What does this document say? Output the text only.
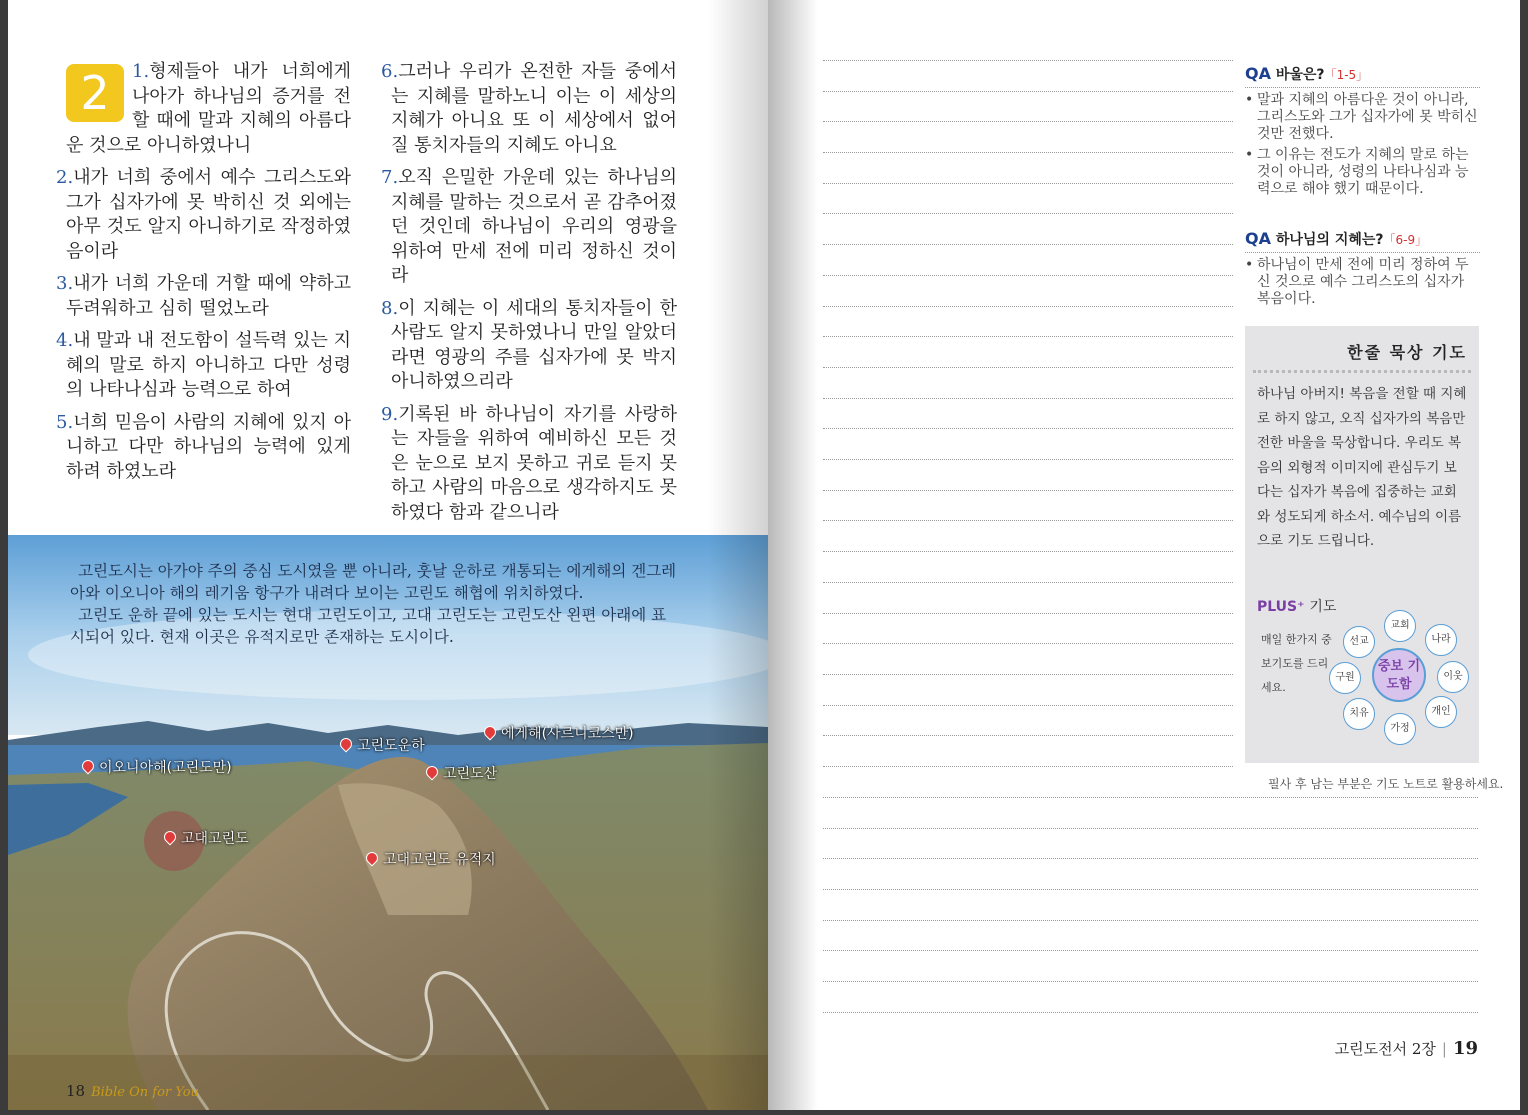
2	1.형제들아 내가 너희에게 나아가 하나님의 증거를 전할 때에 말과 지혜의 아름다운 것으로 아니하였나니

2.내가 너희 중에서 예수 그리스도와 그가 십자가에 못 박히신 것 외에는 아무 것도 알지 아니하기로 작정하였음이라

3.내가 너희 가운데 거할 때에 약하고 두려워하고 심히 떨었노라

4.내 말과 내 전도함이 설득력 있는 지혜의 말로 하지 아니하고 다만 성령의 나타나심과 능력으로 하여

5.너희 믿음이 사람의 지혜에 있지 아니하고 다만 하나님의 능력에 있게 하려 하였노라

6.그러나 우리가 온전한 자들 중에서는 지혜를 말하노니 이는 이 세상의 지혜가 아니요 또 이 세상에서 없어질 통치자들의 지혜도 아니요

7.오직 은밀한 가운데 있는 하나님의 지혜를 말하는 것으로서 곧 감추어졌던 것인데 하나님이 우리의 영광을 위하여 만세 전에 미리 정하신 것이라

8.이 지혜는 이 세대의 통치자들이 한 사람도 알지 못하였나니 만일 알았더라면 영광의 주를 십자가에 못 박지 아니하였으리라

9.기록된 바 하나님이 자기를 사랑하는 자들을 위하여 예비하신 모든 것은 눈으로 보지 못하고 귀로 듣지 못하고 사람의 마음으로 생각하지도 못하였다 함과 같으니라

고린도시는 아가야 주의 중심 도시였을 뿐 아니라, 훗날 운하로 개통되는 에게해의 겐그레아와 이오니아 해의 레기움 항구가 내려다 보이는 고린도 해협에 위치하였다.

고린도 운하 끝에 있는 도시는 현대 고린도이고, 고대 고린도는 고린도산 왼편 아래에 표시되어 있다. 현재 이곳은 유적지로만 존재하는 도시이다.

이오니아해(고린도만)
고린도운하
에게해(사르니코스만)
고린도산
고대고린도
고대고린도 유적지
18 Bible On for You
QA 바울은?「1-5」
• 말과 지혜의 아름다운 것이 아니라, 그리스도와 그가 십자가에 못 박히신 것만 전했다.
• 그 이유는 전도가 지혜의 말로 하는 것이 아니라, 성령의 나타나심과 능력으로 해야 했기 때문이다.
QA 하나님의 지혜는?「6-9」
• 하나님이 만세 전에 미리 정하여 두신 것으로 예수 그리스도의 십자가 복음이다.
한줄 묵상 기도
하나님 아버지! 복음을 전할 때 지혜로 하지 않고, 오직 십자가의 복음만 전한 바울을 묵상합니다. 우리도 복음의 외형적 이미지에 관심두기 보다는 십자가 복음에 집중하는 교회와 성도되게 하소서. 예수님의 이름으로 기도 드립니다.
PLUS⁺ 기도
매일 한가지 중보기도를 드리세요.
중보 기도함
교회
나라
이웃
개인
가정
치유
구원
선교
필사 후 남는 부분은 기도 노트로 활용하세요.
고린도전서 2장 | 19
